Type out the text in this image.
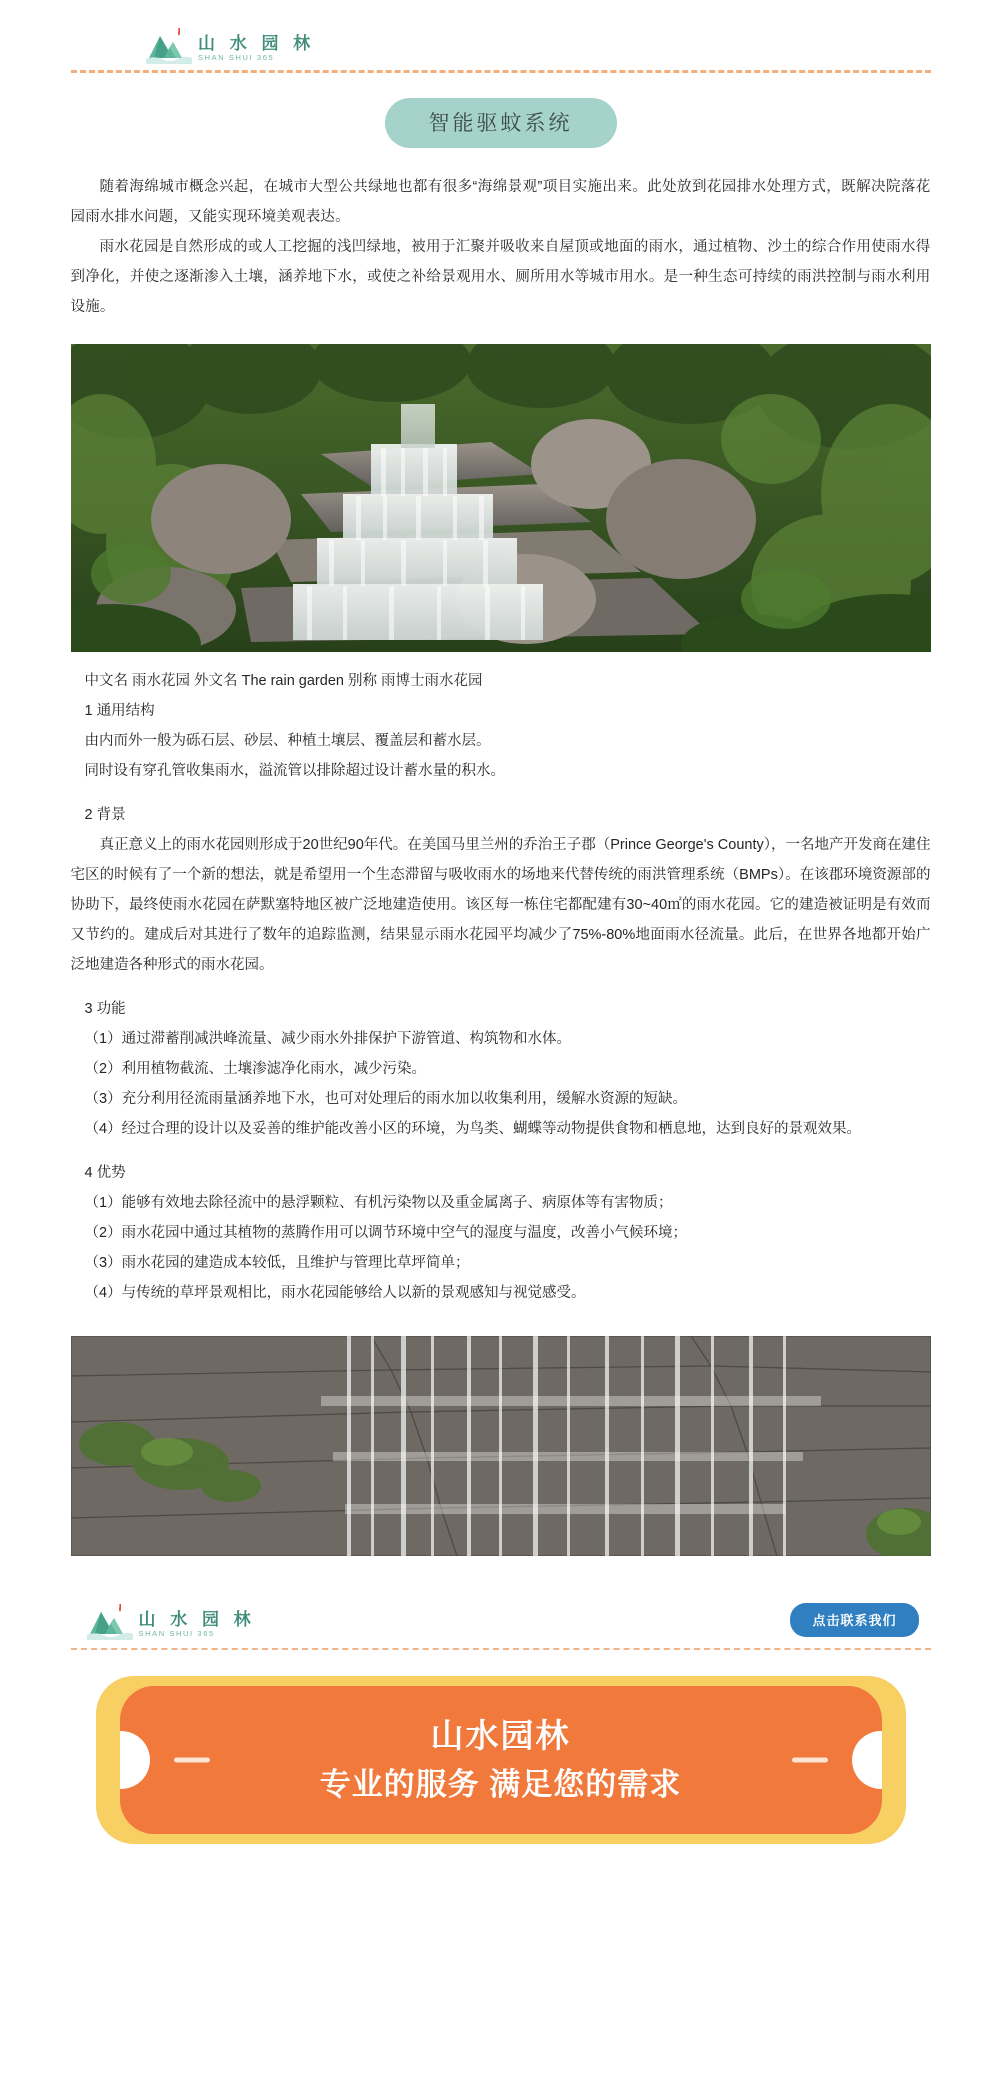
山 水 园 林
SHAN SHUI 365
智能驱蚊系统

随着海绵城市概念兴起，在城市大型公共绿地也都有很多“海绵景观”项目实施出来。此处放到花园排水处理方式，既解决院落花园雨水排水问题，又能实现环境美观表达。

雨水花园是自然形成的或人工挖掘的浅凹绿地，被用于汇聚并吸收来自屋顶或地面的雨水，通过植物、沙土的综合作用使雨水得到净化，并使之逐渐渗入土壤，涵养地下水，或使之补给景观用水、厕所用水等城市用水。是一种生态可持续的雨洪控制与雨水利用设施。

中文名 雨水花园 外文名 The rain garden 别称 雨博士雨水花园

1 通用结构

由内而外一般为砾石层、砂层、种植土壤层、覆盖层和蓄水层。

同时设有穿孔管收集雨水，溢流管以排除超过设计蓄水量的积水。

2 背景

真正意义上的雨水花园则形成于20世纪90年代。在美国马里兰州的乔治王子郡（Prince George's County），一名地产开发商在建住宅区的时候有了一个新的想法，就是希望用一个生态滞留与吸收雨水的场地来代替传统的雨洪管理系统（BMPs）。在该郡环境资源部的协助下，最终使雨水花园在萨默塞特地区被广泛地建造使用。该区每一栋住宅都配建有30~40㎡的雨水花园。它的建造被证明是有效而又节约的。建成后对其进行了数年的追踪监测，结果显示雨水花园平均减少了75%-80%地面雨水径流量。此后，在世界各地都开始广泛地建造各种形式的雨水花园。

3 功能

（1）通过滞蓄削减洪峰流量、减少雨水外排保护下游管道、构筑物和水体。

（2）利用植物截流、土壤渗滤净化雨水，减少污染。

（3）充分利用径流雨量涵养地下水，也可对处理后的雨水加以收集利用，缓解水资源的短缺。

（4）经过合理的设计以及妥善的维护能改善小区的环境，为鸟类、蝴蝶等动物提供食物和栖息地，达到良好的景观效果。

4 优势

（1）能够有效地去除径流中的悬浮颗粒、有机污染物以及重金属离子、病原体等有害物质；

（2）雨水花园中通过其植物的蒸腾作用可以调节环境中空气的湿度与温度，改善小气候环境；

（3）雨水花园的建造成本较低，且维护与管理比草坪简单；

（4）与传统的草坪景观相比，雨水花园能够给人以新的景观感知与视觉感受。

山 水 园 林
SHAN SHUI 365
点击联系我们
山水园林
专业的服务 满足您的需求
